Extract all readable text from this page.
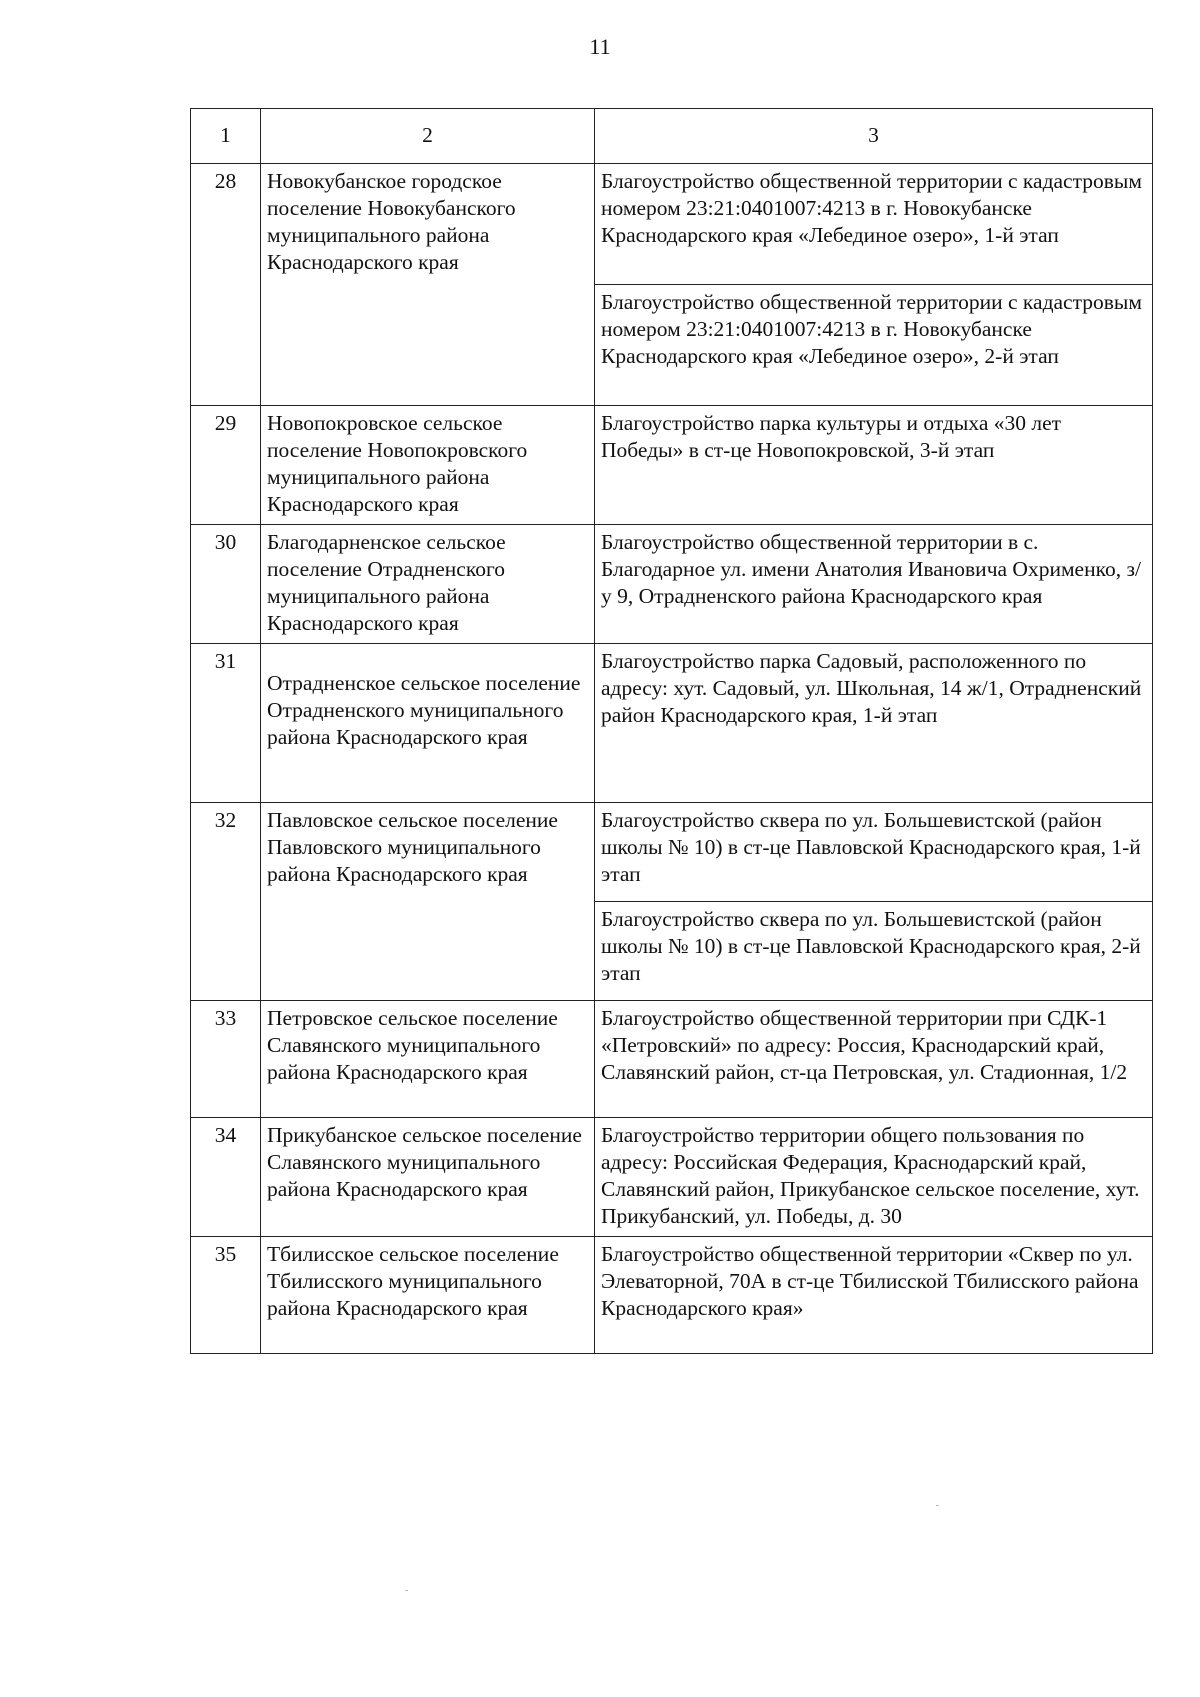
11
1	2	3
28	Новокубанское городское поселение Новокубанского муниципального района Краснодарского края	Благоустройство общественной территории с кадастровым номером 23:21:0401007:4213 в г. Новокубанске Краснодарского края «Лебединое озеро», 1-й этап
		Благоустройство общественной территории с кадастровым номером 23:21:0401007:4213 в г. Новокубанске Краснодарского края «Лебединое озеро», 2-й этап
29	Новопокровское сельское поселение Новопокровского муниципального района Краснодарского края	Благоустройство парка культуры и отдыха «30 лет Победы» в ст-це Новопокровской, 3-й этап
30	Благодарненское сельское поселение Отрадненского муниципального района Краснодарского края	Благоустройство общественной территории в с. Благодарное ул. имени Анатолия Ивановича Охрименко, з/у 9, Отрадненского района Краснодарского края
31	Отрадненское сельское поселение Отрадненского муниципального района Краснодарского края	Благоустройство парка Садовый, расположенного по адресу: хут. Садовый, ул. Школьная, 14 ж/1, Отрадненский район Краснодарского края, 1-й этап
32	Павловское сельское поселение Павловского муниципального района Краснодарского края	Благоустройство сквера по ул. Большевистской (район школы № 10) в ст-це Павловской Краснодарского края, 1-й этап
		Благоустройство сквера по ул. Большевистской (район школы № 10) в ст-це Павловской Краснодарского края, 2-й этап
33	Петровское сельское поселение Славянского муниципального района Краснодарского края	Благоустройство общественной территории при СДК-1 «Петровский» по адресу: Россия, Краснодарский край, Славянский район, ст-ца Петровская, ул. Стадионная, 1/2
34	Прикубанское сельское поселение Славянского муниципального района Краснодарского края	Благоустройство территории общего пользования по адресу: Российская Федерация, Краснодарский край, Славянский район, Прикубанское сельское поселение, хут. Прикубанский, ул. Победы, д. 30
35	Тбилисское сельское поселение Тбилисского муниципального района Краснодарского края	Благоустройство общественной территории «Сквер по ул. Элеваторной, 70А в ст-це Тбилисской Тбилисского района Краснодарского края»
